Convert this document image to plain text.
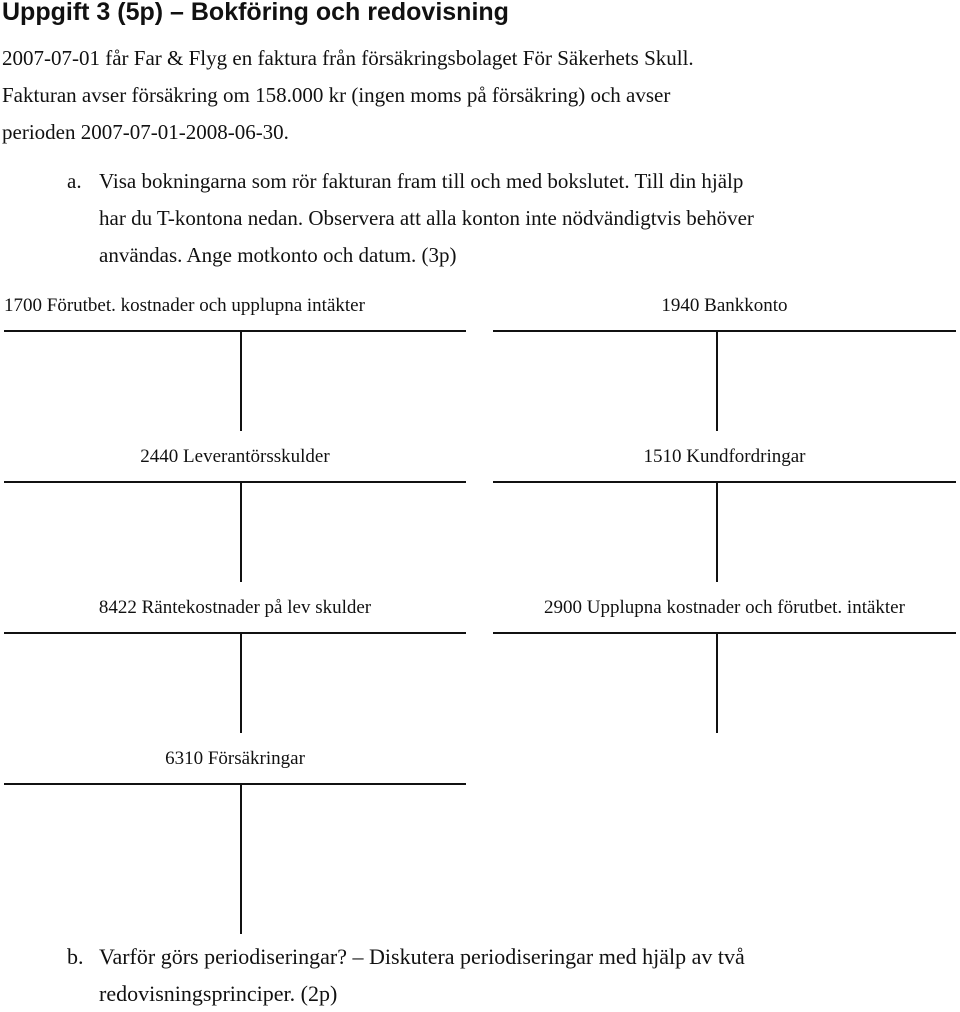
Uppgift 3 (5p) – Bokföring och redovisning
2007-07-01 får Far & Flyg en faktura från försäkringsbolaget För Säkerhets Skull.
Fakturan avser försäkring om 158.000 kr (ingen moms på försäkring) och avser
perioden 2007-07-01-2008-06-30.
a. Visa bokningarna som rör fakturan fram till och med bokslutet. Till din hjälp
har du T-kontona nedan. Observera att alla konton inte nödvändigtvis behöver
användas. Ange motkonto och datum. (3p)
1700 Förutbet. kostnader och upplupna intäkter	1940 Bankkonto
2440 Leverantörsskulder	1510 Kundfordringar
8422 Räntekostnader på lev skulder	2900 Upplupna kostnader och förutbet. intäkter
6310 Försäkringar
b. Varför görs periodiseringar? – Diskutera periodiseringar med hjälp av två
redovisningsprinciper. (2p)
